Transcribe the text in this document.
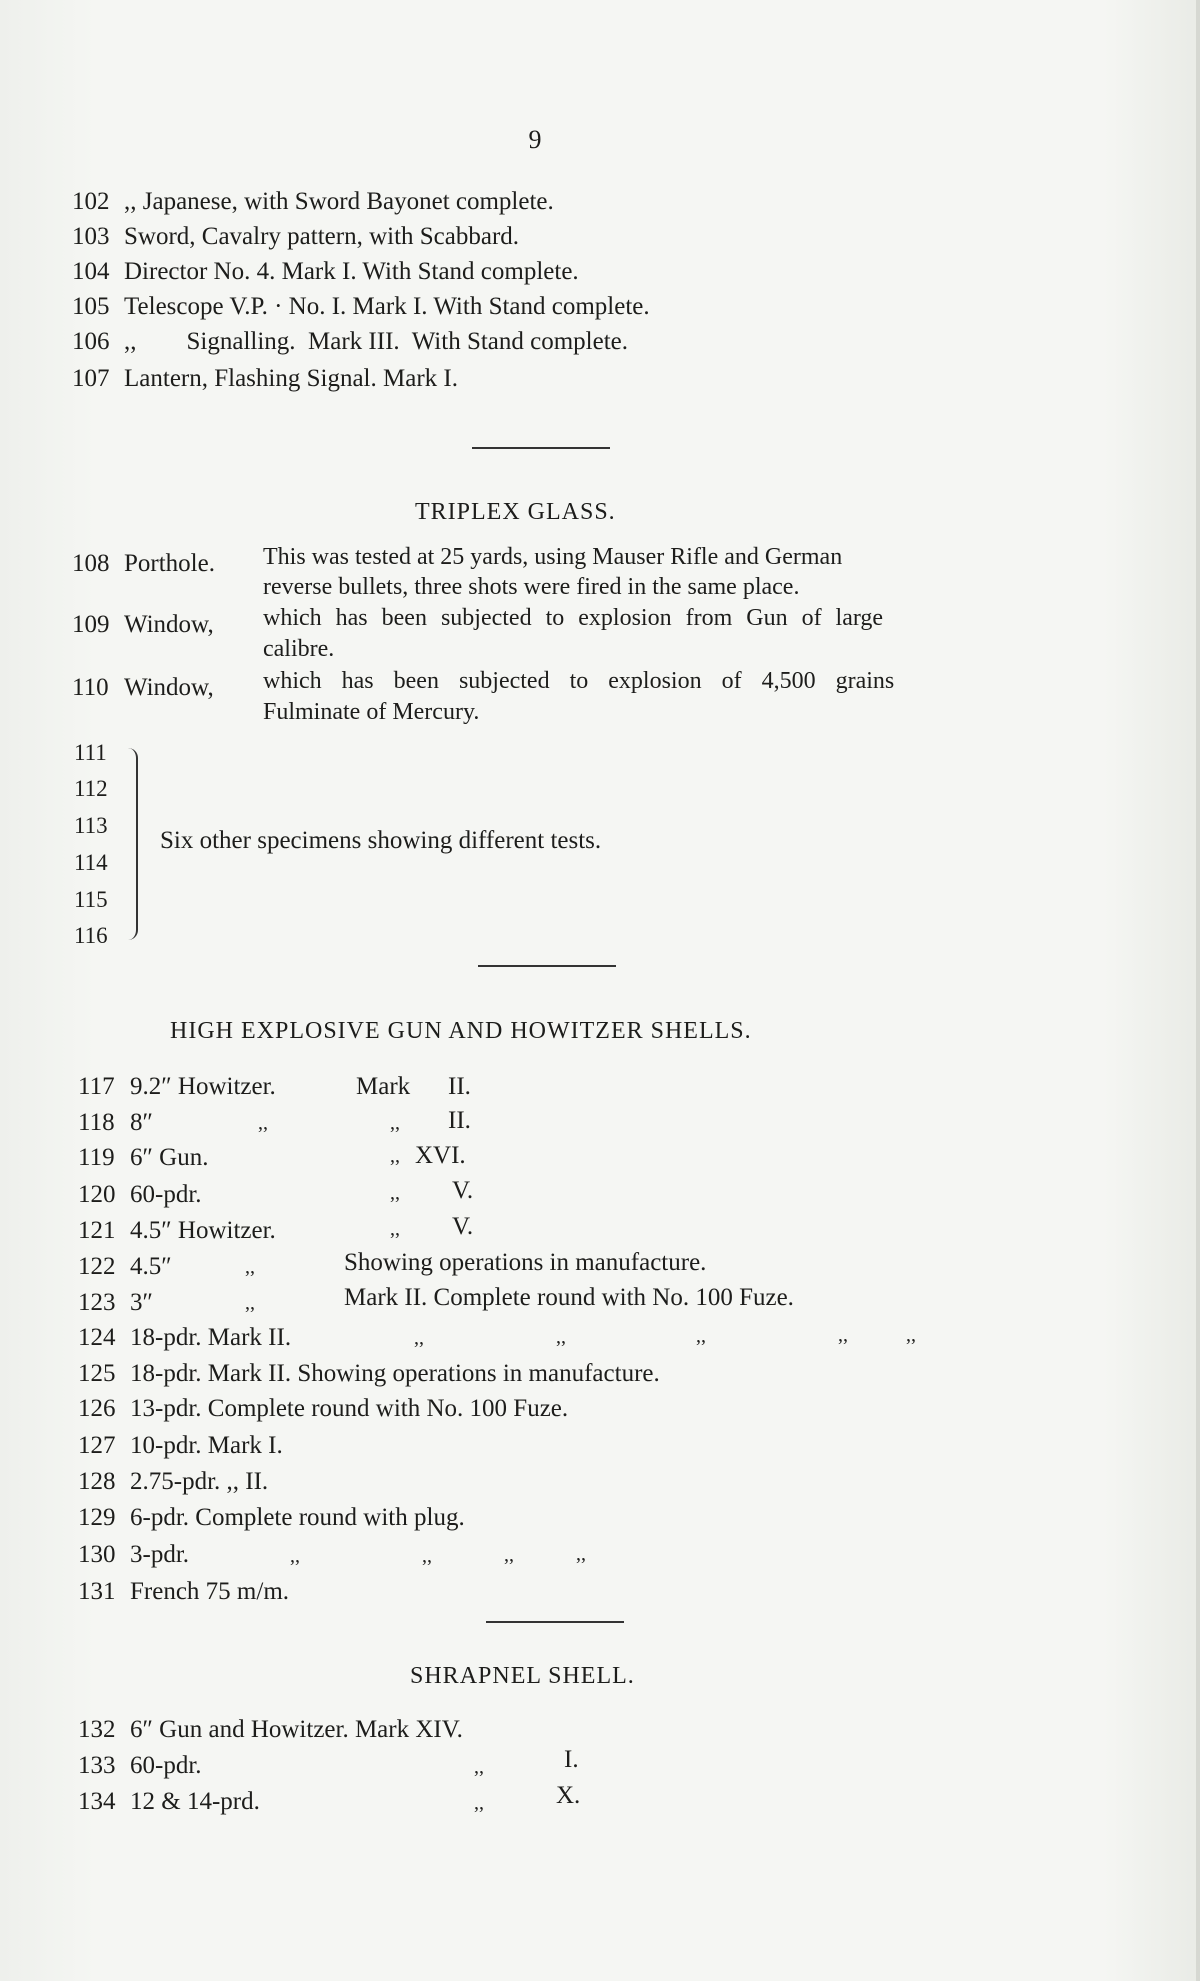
9
102 ,, Japanese, with Sword Bayonet complete.
103 Sword, Cavalry pattern, with Scabbard.
104 Director No. 4. Mark I. With Stand complete.
105 Telescope V.P. · No. I. Mark I. With Stand complete.
106 ,,        Signalling.  Mark III.  With Stand complete.
107 Lantern, Flashing Signal. Mark I.
TRIPLEX GLASS.
108 Porthole. This was tested at 25 yards, using Mauser Rifle and German
reverse bullets, three shots were fired in the same place.
109 Window, which has been subjected to explosion from Gun of large
calibre.
110 Window, which has been subjected to explosion of 4,500 grains
Fulminate of Mercury.
111
112
113
114
115
116
Six other specimens showing different tests.
HIGH EXPLOSIVE GUN AND HOWITZER SHELLS.
117 9.2″ Howitzer.	Mark II.
118 8″	,,	,, II.
119 6″ Gun.	,, XVI.
120 60-pdr.	,, V.
121 4.5″ Howitzer.	,, V.
122 4.5″	,,	Showing operations in manufacture.
123 3″	,,	Mark II. Complete round with No. 100 Fuze.
124 18-pdr. Mark II.	,,	,,	,,	,,	,,
125 18-pdr. Mark II. Showing operations in manufacture.
126 13-pdr. Complete round with No. 100 Fuze.
127 10-pdr. Mark I.
128 2.75-pdr. ,, II.
129 6-pdr. Complete round with plug.
130 3-pdr.	,,	,,	,,	,,
131 French 75 m/m.
SHRAPNEL SHELL.
132 6″ Gun and Howitzer. Mark XIV.
133 60-pdr.	,,	I.
134 12 & 14-prd.	,,	X.
